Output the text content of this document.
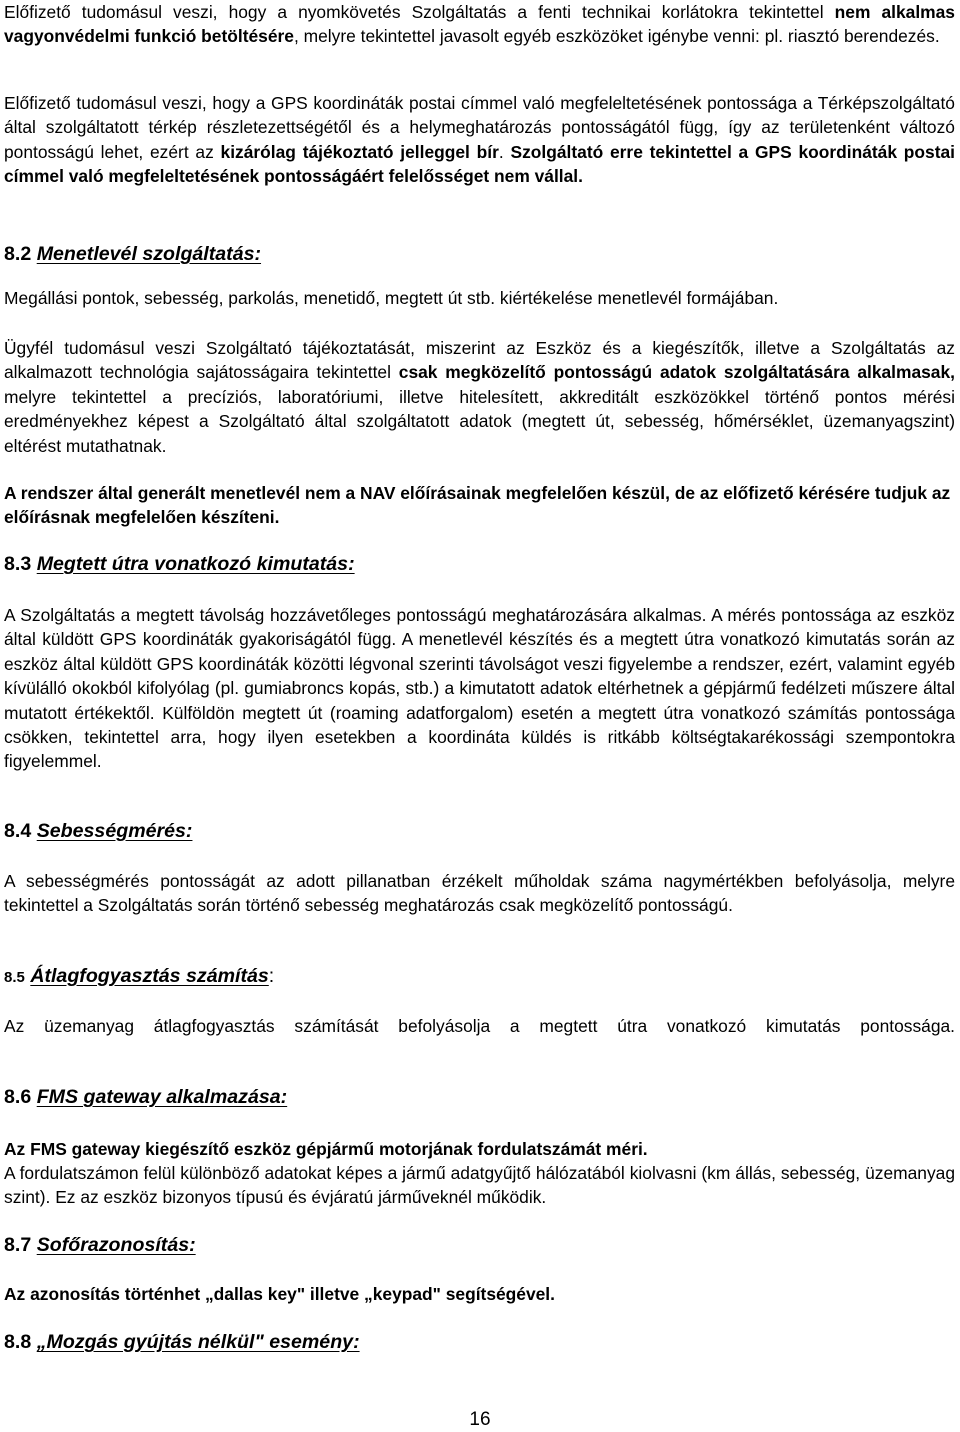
Előfizető tudomásul veszi, hogy a nyomkövetés Szolgáltatás a fenti technikai korlátokra tekintettel nem alkalmas vagyonvédelmi funkció betöltésére, melyre tekintettel javasolt egyéb eszközöket igénybe venni: pl. riasztó berendezés.

Előfizető tudomásul veszi, hogy a GPS koordináták postai címmel való megfeleltetésének pontossága a Térképszolgáltató által szolgáltatott térkép részletezettségétől és a helymeghatározás pontosságától függ, így az területenként változó pontosságú lehet, ezért az kizárólag tájékoztató jelleggel bír. Szolgáltató erre tekintettel a GPS koordináták postai címmel való megfeleltetésének pontosságáért felelősséget nem vállal.

8.2 Menetlevél szolgáltatás:

Megállási pontok, sebesség, parkolás, menetidő, megtett út stb. kiértékelése menetlevél formájában.

Ügyfél tudomásul veszi Szolgáltató tájékoztatását, miszerint az Eszköz és a kiegészítők, illetve a Szolgáltatás az alkalmazott technológia sajátosságaira tekintettel csak megközelítő pontosságú adatok szolgáltatására alkalmasak, melyre tekintettel a precíziós, laboratóriumi, illetve hitelesített, akkreditált eszközökkel történő pontos mérési eredményekhez képest a Szolgáltató által szolgáltatott adatok (megtett út, sebesség, hőmérséklet, üzemanyagszint) eltérést mutathatnak.

A rendszer által generált menetlevél nem a NAV előírásainak megfelelően készül, de az előfizető kérésére tudjuk az előírásnak megfelelően készíteni.

8.3 Megtett útra vonatkozó kimutatás:

A Szolgáltatás a megtett távolság hozzávetőleges pontosságú meghatározására alkalmas. A mérés pontossága az eszköz által küldött GPS koordináták gyakoriságától függ. A menetlevél készítés és a megtett útra vonatkozó kimutatás során az eszköz által küldött GPS koordináták közötti légvonal szerinti távolságot veszi figyelembe a rendszer, ezért, valamint egyéb kívülálló okokból kifolyólag (pl. gumiabroncs kopás, stb.) a kimutatott adatok eltérhetnek a gépjármű fedélzeti műszere által mutatott értékektől. Külföldön megtett út (roaming adatforgalom) esetén a megtett útra vonatkozó számítás pontossága csökken, tekintettel arra, hogy ilyen esetekben a koordináta küldés is ritkább költségtakarékossági szempontokra figyelemmel.

8.4 Sebességmérés:

A sebességmérés pontosságát az adott pillanatban érzékelt műholdak száma nagymértékben befolyásolja, melyre tekintettel a Szolgáltatás során történő sebesség meghatározás csak megközelítő pontosságú.

8.5 Átlagfogyasztás számítás:

Az üzemanyag átlagfogyasztás számítását befolyásolja a megtett útra vonatkozó kimutatás pontossága.

8.6 FMS gateway alkalmazása:

Az FMS gateway kiegészítő eszköz gépjármű motorjának fordulatszámát méri.

A fordulatszámon felül különböző adatokat képes a jármű adatgyűjtő hálózatából kiolvasni (km állás, sebesség, üzemanyag szint). Ez az eszköz bizonyos típusú és évjáratú járműveknél működik.

8.7 Sofőrazonosítás:

Az azonosítás történhet „dallas key" illetve „keypad" segítségével.

8.8 „Mozgás gyújtás nélkül" esemény:
16
